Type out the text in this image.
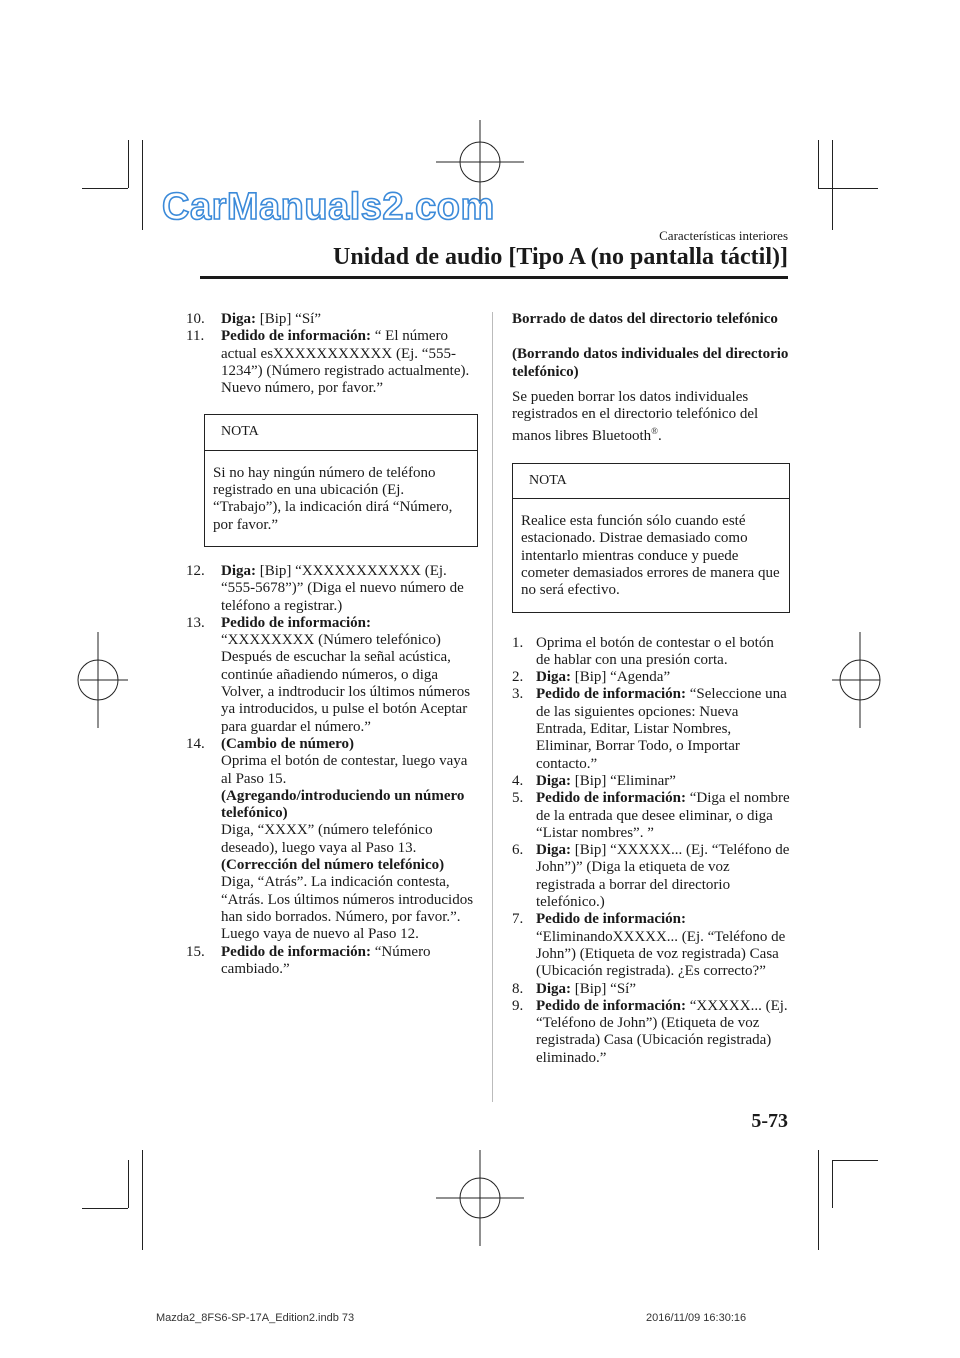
CarManuals2.com
Características interiores
Unidad de audio [Tipo A (no pantalla táctil)]
10. Diga: [Bip] “Sí”
11. Pedido de información: “ El número actual esXXXXXXXXXXX (Ej. “555-1234”) (Número registrado actualmente). Nuevo número, por favor.”
NOTA
Si no hay ningún número de teléfono registrado en una ubicación (Ej. “Trabajo”), la indicación dirá “Número, por favor.”
12. Diga: [Bip] “XXXXXXXXXXX (Ej. “555-5678”)” (Diga el nuevo número de teléfono a registrar.)
13. Pedido de información:
“XXXXXXXX (Número telefónico) Después de escuchar la señal acústica, continúe añadiendo números, o diga Volver, a indtroducir los últimos números ya introducidos, u pulse el botón Aceptar para guardar el número.”
14. (Cambio de número)
Oprima el botón de contestar, luego vaya al Paso 15.
(Agregando/introduciendo un número telefónico)
Diga, “XXXX” (número telefónico deseado), luego vaya al Paso 13.
(Corrección del número telefónico)
Diga, “Atrás”. La indicación contesta, “Atrás. Los últimos números introducidos han sido borrados. Número, por favor.”. Luego vaya de nuevo al Paso 12.
15. Pedido de información: “Número cambiado.”
Borrado de datos del directorio telefónico
(Borrando datos individuales del directorio telefónico)
Se pueden borrar los datos individuales registrados en el directorio telefónico del manos libres Bluetooth®.
NOTA
Realice esta función sólo cuando esté estacionado. Distrae demasiado como intentarlo mientras conduce y puede cometer demasiados errores de manera que no será efectivo.
1. Oprima el botón de contestar o el botón de hablar con una presión corta.
2. Diga: [Bip] “Agenda”
3. Pedido de información: “Seleccione una de las siguientes opciones: Nueva Entrada, Editar, Listar Nombres, Eliminar, Borrar Todo, o Importar contacto.”
4. Diga: [Bip] “Eliminar”
5. Pedido de información: “Diga el nombre de la entrada que desee eliminar, o diga “Listar nombres”. ”
6. Diga: [Bip] “XXXXX... (Ej. “Teléfono de John”)” (Diga la etiqueta de voz registrada a borrar del directorio telefónico.)
7. Pedido de información: “EliminandoXXXXX... (Ej. “Teléfono de John”) (Etiqueta de voz registrada) Casa (Ubicación registrada). ¿Es correcto?”
8. Diga: [Bip] “Sí”
9. Pedido de información: “XXXXX... (Ej. “Teléfono de John”) (Etiqueta de voz registrada) Casa (Ubicación registrada) eliminado.”
5-73
Mazda2_8FS6-SP-17A_Edition2.indb 73	2016/11/09 16:30:16
